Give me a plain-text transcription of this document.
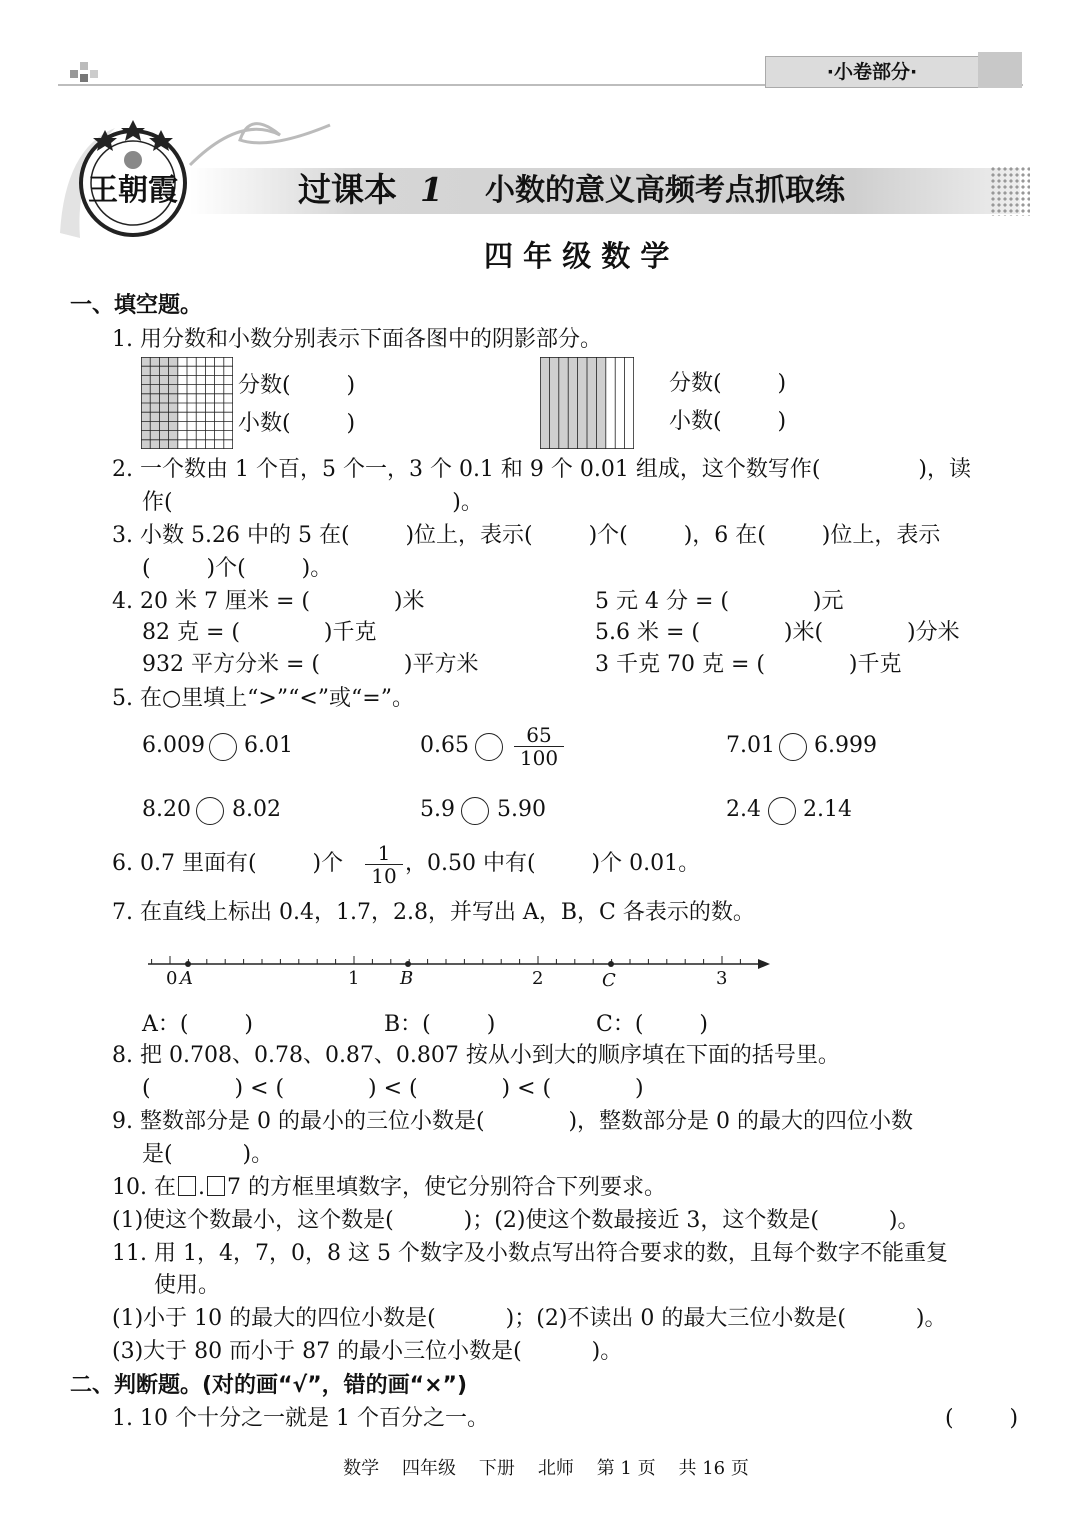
·小卷部分·
王朝霞	过课本 1 小数的意义高频考点抓取练
四 年 级 数 学
一、填空题。
1. 用分数和小数分别表示下面各图中的阴影部分。
分数(        )
小数(        )
分数(        )
小数(        )
2. 一个数由 1 个百，5 个一，3 个 0.1 和 9 个 0.01 组成，这个数写作(              )，读
作(                                        )。
3. 小数 5.26 中的 5 在(        )位上，表示(        )个(        )，6 在(        )位上，表示
(        )个(        )。
4. 20 米 7 厘米 = (            )米	5 元 4 分 = (            )元
82 克 = (            )千克	5.6 米 = (            )米(            )分米
932 平方分米 = (            )平方米	3 千克 70 克 = (            )千克
5. 在○里填上“>”“<”或“=”。
6.009 6.01	$0.65 \frac{65}{100}$	7.01 6.999
8.20 8.02	5.9 5.90	2.4 2.14
6. 0.7 里面有(        )个 $\frac{1}{10}$ ，0.50 中有(        )个 0.01。
7. 在直线上标出 0.4，1.7，2.8，并写出 A，B，C 各表示的数。
0 A	1 B	2	C	3
A：(        )	B：(        )	C：(        )
8. 把 0.708、0.78、0.87、0.807 按从小到大的顺序填在下面的括号里。
(            ) < (            ) < (            ) < (            )
9. 整数部分是 0 的最小的三位小数是(            )，整数部分是 0 的最大的四位小数
是(          )。
10. 在 . 7 的方框里填数字，使它分别符合下列要求。
(1)使这个数最小，这个数是(          )；(2)使这个数最接近 3，这个数是(          )。
11. 用 1，4，7，0，8 这 5 个数字及小数点写出符合要求的数，且每个数字不能重复
使用。
(1)小于 10 的最大的四位小数是(          )；(2)不读出 0 的最大三位小数是(          )。
(3)大于 80 而小于 87 的最小三位小数是(          )。
二、判断题。(对的画“√”，错的画“×”)
1. 10 个十分之一就是 1 个百分之一。	(        )
数学    四年级    下册    北师    第 1 页    共 16 页
